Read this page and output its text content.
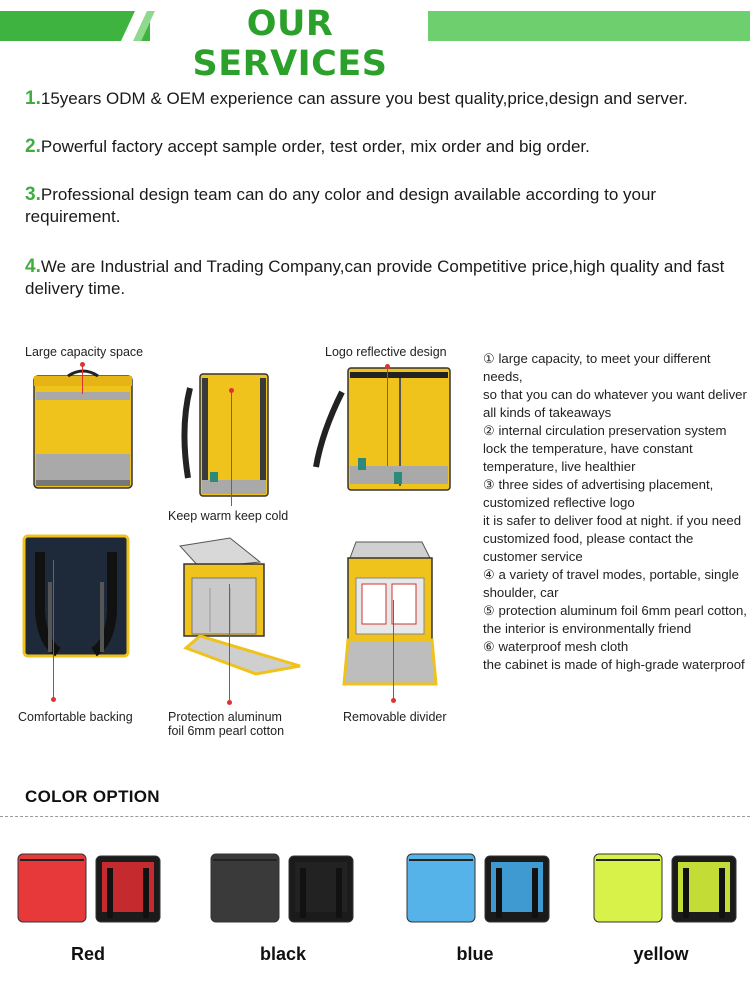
OUR SERVICES
1.15years ODM & OEM experience can assure you best quality,price,design and server.
2.Powerful factory accept sample order, test order, mix order and big order.
3.Professional design team can do any color and design available according to your requirement.
4.We are Industrial and Trading Company,can provide Competitive price,high quality and fast delivery time.
Large capacity space	Logo reflective design
Keep warm keep cold
Comfortable backing	Protection aluminum
foil 6mm pearl cotton
Removable divider
① large capacity, to meet your different needs,
so that you can do whatever you want deliver all kinds of takeaways
② internal circulation preservation system lock the temperature, have constant temperature, live healthier
③ three sides of advertising placement, customized reflective logo
it is safer to deliver food at night. if you need customized food, please contact the customer service
④ a variety of travel modes, portable, single shoulder, car
⑤ protection aluminum foil 6mm pearl cotton, the interior is environmentally friend
⑥ waterproof mesh cloth
the cabinet is made of high-grade waterproof
COLOR OPTION
Red	black	blue	yellow
